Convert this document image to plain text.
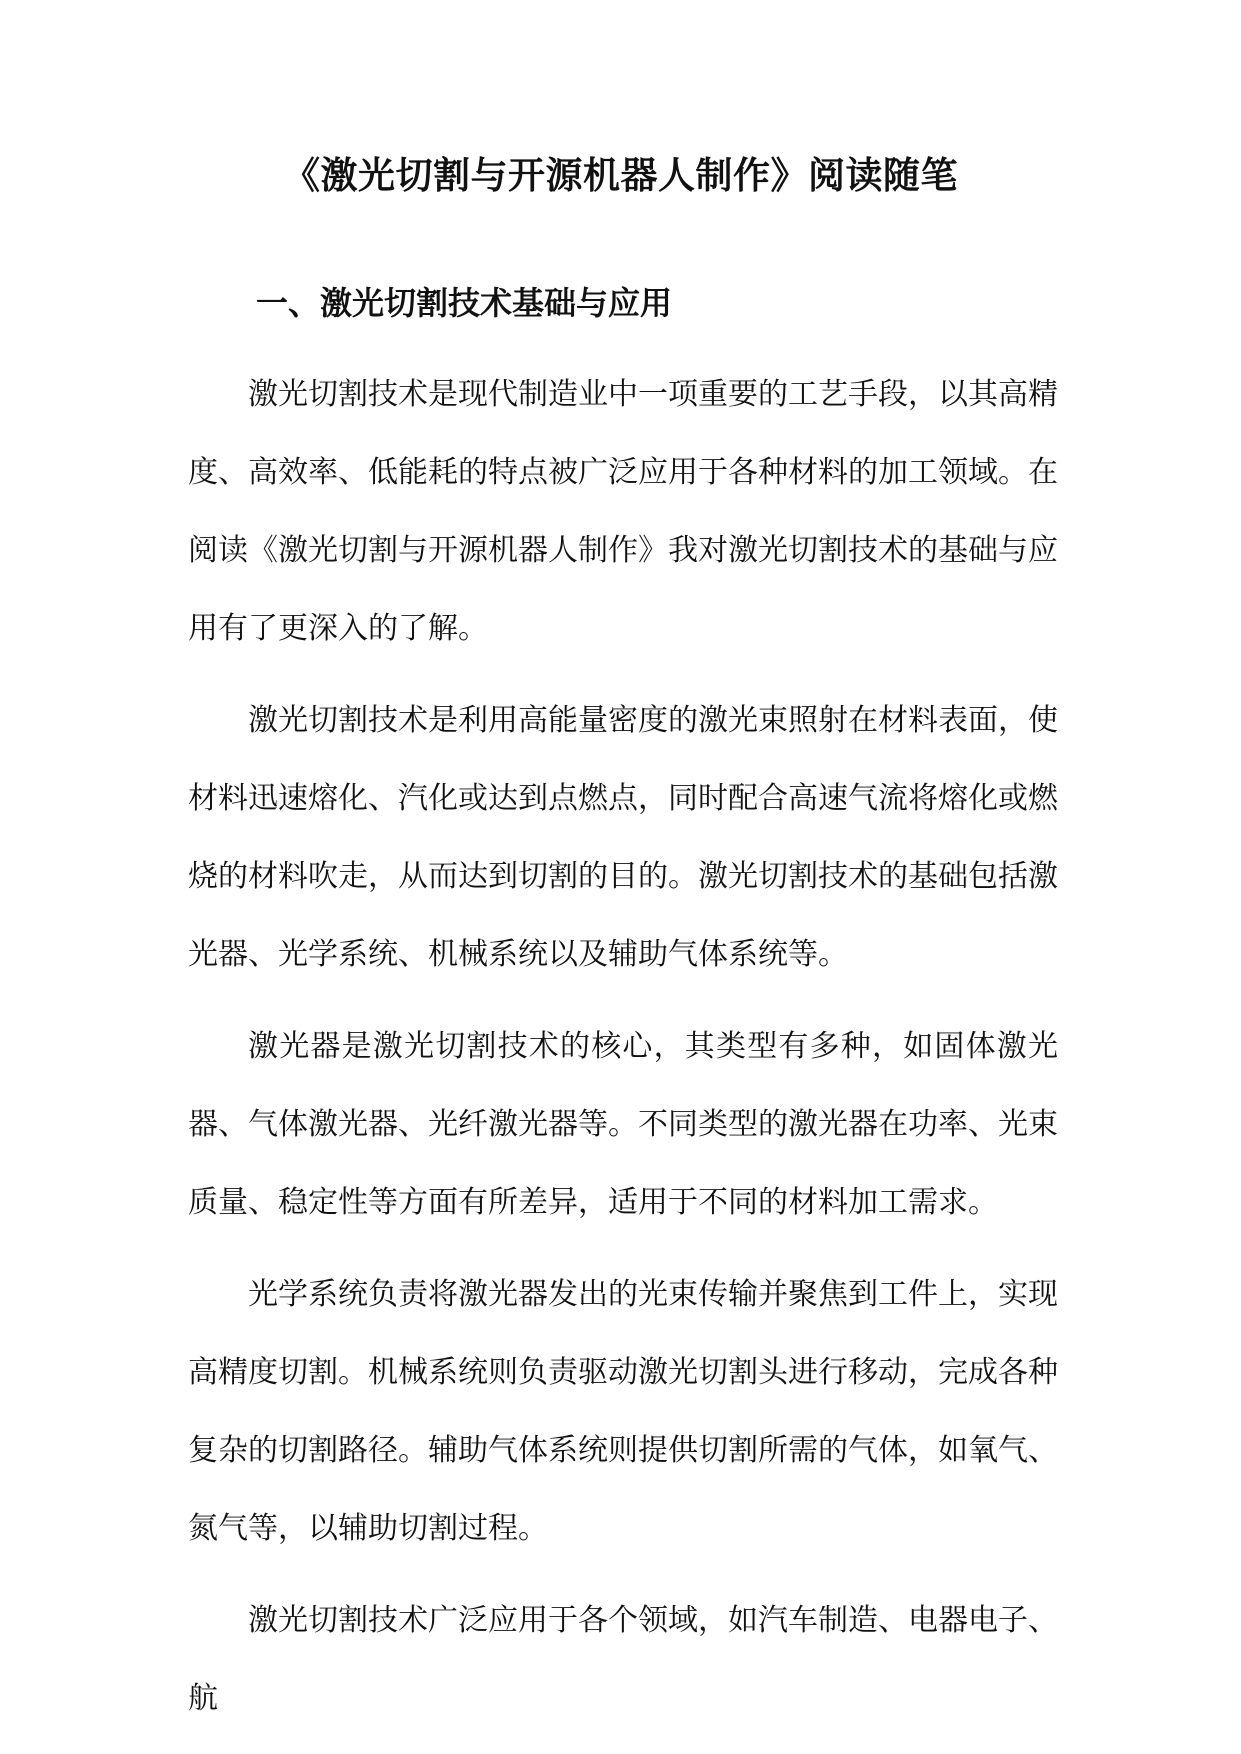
《激光切割与开源机器人制作》阅读随笔
一、激光切割技术基础与应用

激光切割技术是现代制造业中一项重要的工艺手段，以其高精度、高效率、低能耗的特点被广泛应用于各种材料的加工领域。在阅读《激光切割与开源机器人制作》我对激光切割技术的基础与应用有了更深入的了解。

激光切割技术是利用高能量密度的激光束照射在材料表面，使材料迅速熔化、汽化或达到点燃点，同时配合高速气流将熔化或燃烧的材料吹走，从而达到切割的目的。激光切割技术的基础包括激光器、光学系统、机械系统以及辅助气体系统等。

激光器是激光切割技术的核心，其类型有多种，如固体激光器、气体激光器、光纤激光器等。不同类型的激光器在功率、光束质量、稳定性等方面有所差异，适用于不同的材料加工需求。

光学系统负责将激光器发出的光束传输并聚焦到工件上，实现高精度切割。机械系统则负责驱动激光切割头进行移动，完成各种复杂的切割路径。辅助气体系统则提供切割所需的气体，如氧气、氮气等，以辅助切割过程。

激光切割技术广泛应用于各个领域，如汽车制造、电器电子、航
